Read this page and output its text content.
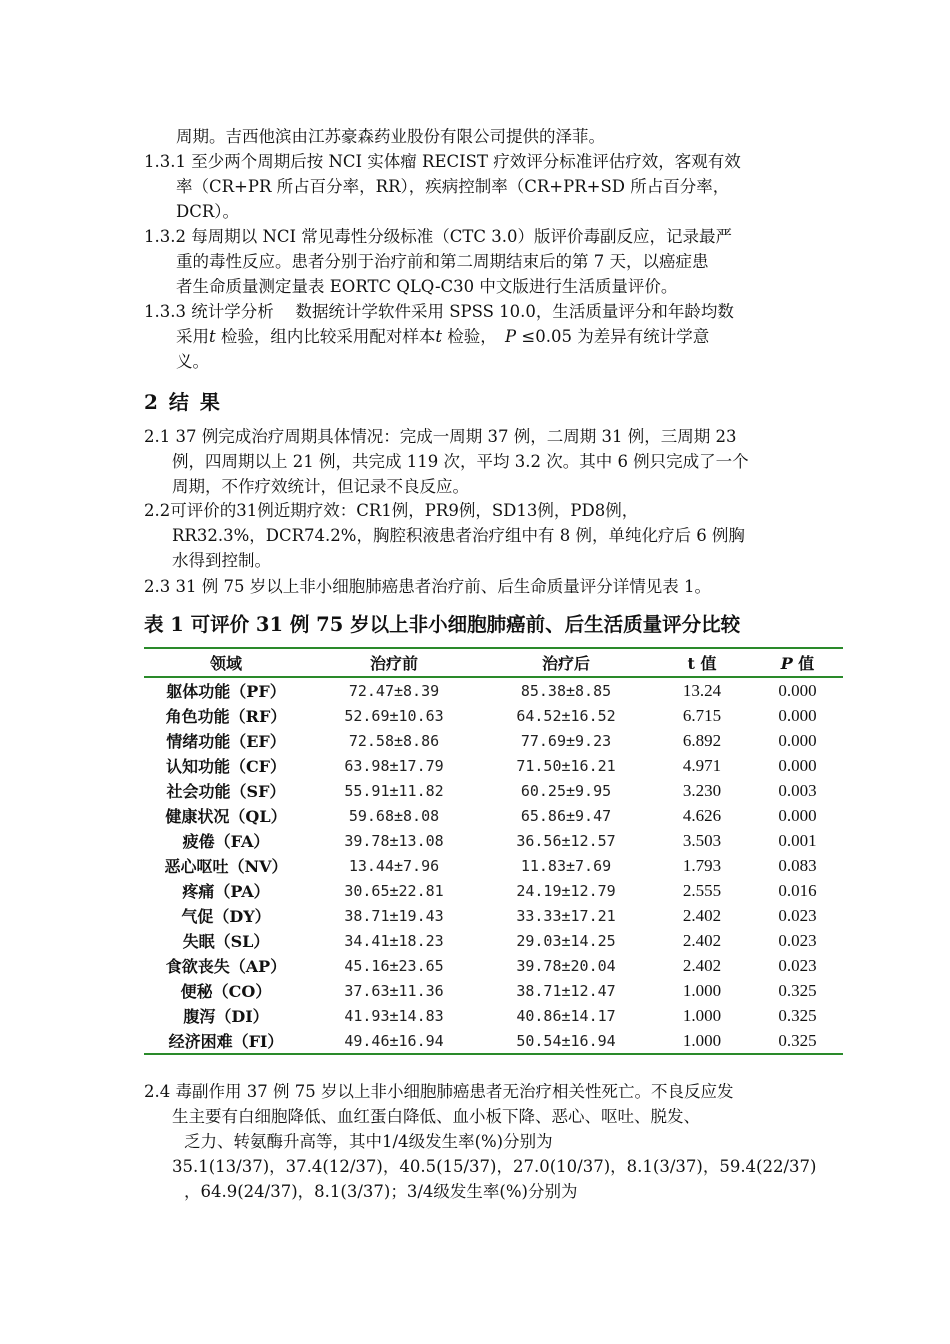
周期。吉西他滨由江苏豪森药业股份有限公司提供的泽菲。
1.3.1 至少两个周期后按 NCI 实体瘤 RECIST 疗效评分标准评估疗效，客观有效
率（CR+PR 所占百分率，RR），疾病控制率（CR+PR+SD 所占百分率，
DCR）。
1.3.2 每周期以 NCI 常见毒性分级标准（CTC 3.0）版评价毒副反应，记录最严
重的毒性反应。患者分别于治疗前和第二周期结束后的第 7 天，以癌症患
者生命质量测定量表 EORTC QLQ-C30 中文版进行生活质量评价。
1.3.3 统计学分析　 数据统计学软件采用 SPSS 10.0，生活质量评分和年龄均数
采用t 检验，组内比较采用配对样本t 检验，　P ≤0.05 为差异有统计学意
义。
2 结 果
2.1 37 例完成治疗周期具体情况：完成一周期 37 例，二周期 31 例，三周期 23
例，四周期以上 21 例，共完成 119 次，平均 3.2 次。其中 6 例只完成了一个
周期，不作疗效统计，但记录不良反应。
2.2可评价的31例近期疗效：CR1例，PR9例，SD13例，PD8例，
RR32.3%，DCR74.2%，胸腔积液患者治疗组中有 8 例，单纯化疗后 6 例胸
水得到控制。
2.3 31 例 75 岁以上非小细胞肺癌患者治疗前、后生命质量评分详情见表 1。
表 1 可评价 31 例 75 岁以上非小细胞肺癌前、后生活质量评分比较
领域	治疗前	治疗后	t 值	P 值
躯体功能（PF）	72.47±8.39	85.38±8.85	13.24	0.000
角色功能（RF）	52.69±10.63	64.52±16.52	6.715	0.000
情绪功能（EF）	72.58±8.86	77.69±9.23	6.892	0.000
认知功能（CF）	63.98±17.79	71.50±16.21	4.971	0.000
社会功能（SF）	55.91±11.82	60.25±9.95	3.230	0.003
健康状况（QL）	59.68±8.08	65.86±9.47	4.626	0.000
疲倦（FA）	39.78±13.08	36.56±12.57	3.503	0.001
恶心呕吐（NV）	13.44±7.96	11.83±7.69	1.793	0.083
疼痛（PA）	30.65±22.81	24.19±12.79	2.555	0.016
气促（DY）	38.71±19.43	33.33±17.21	2.402	0.023
失眠（SL）	34.41±18.23	29.03±14.25	2.402	0.023
食欲丧失（AP）	45.16±23.65	39.78±20.04	2.402	0.023
便秘（CO）	37.63±11.36	38.71±12.47	1.000	0.325
腹泻（DI）	41.93±14.83	40.86±14.17	1.000	0.325
经济困难（FI）	49.46±16.94	50.54±16.94	1.000	0.325
2.4 毒副作用 37 例 75 岁以上非小细胞肺癌患者无治疗相关性死亡。不良反应发
生主要有白细胞降低、血红蛋白降低、血小板下降、恶心、呕吐、脱发、
乏力、转氨酶升高等，其中1/4级发生率(%)分别为
35.1(13/37)，37.4(12/37)，40.5(15/37)，27.0(10/37)，8.1(3/37)，59.4(22/37)
，64.9(24/37)，8.1(3/37)；3/4级发生率(%)分别为
